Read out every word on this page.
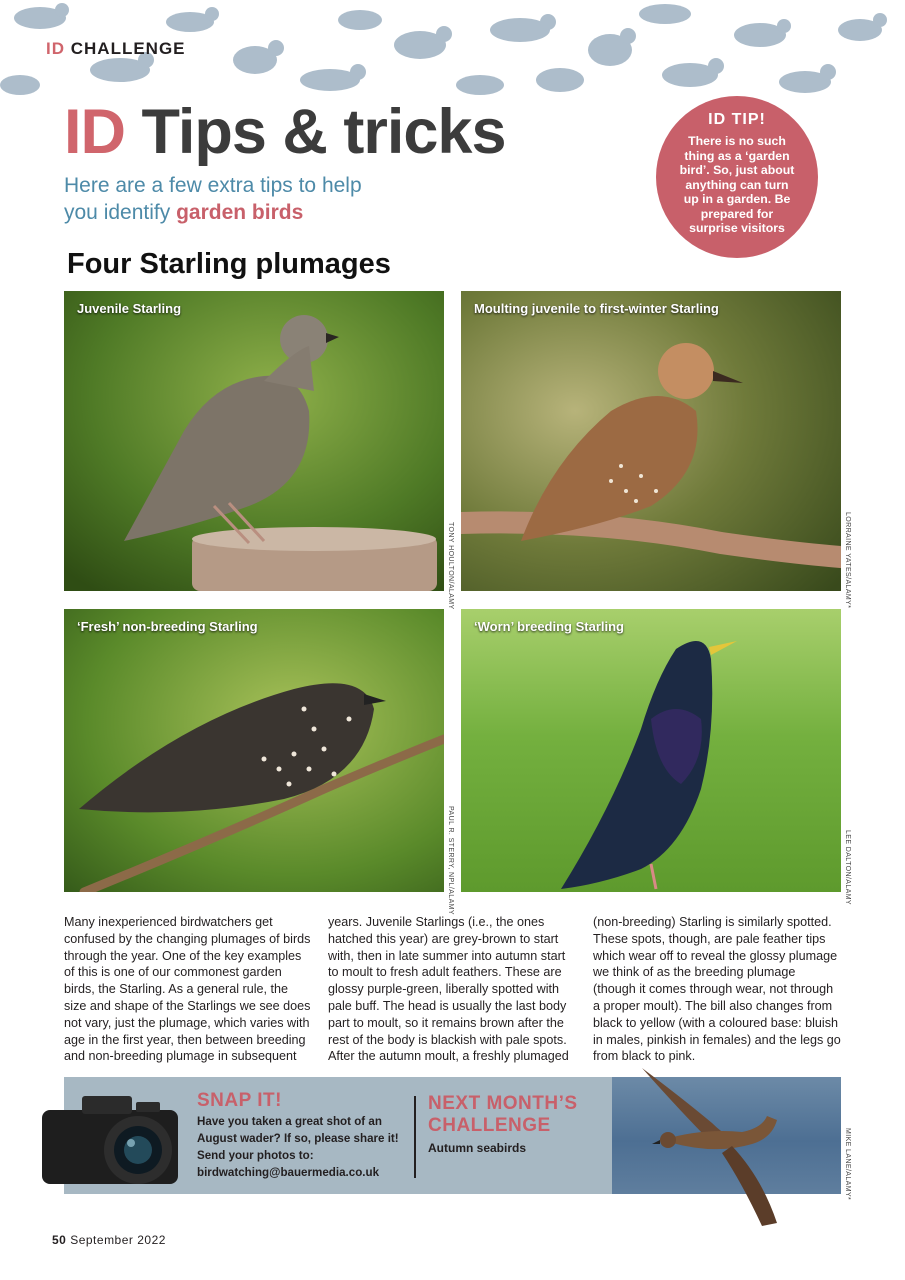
ID CHALLENGE
ID Tips & tricks
Here are a few extra tips to help
you identify garden birds
ID TIP!
There is no such thing as a ‘garden bird’. So, just about anything can turn up in a garden. Be prepared for surprise visitors
Four Starling plumages
Juvenile Starling
TONY HOULTON/ALAMY
Moulting juvenile to first-winter Starling
LORRAINE YATES/ALAMY*
‘Fresh’ non-breeding Starling
PAUL R. STERRY, NPL/ALAMY
‘Worn’ breeding Starling
LEE DALTON/ALAMY
Many inexperienced birdwatchers get confused by the changing plumages of birds through the year. One of the key examples of this is one of our commonest garden birds, the Starling. As a general rule, the size and shape of the Starlings we see does not vary, just the plumage, which varies with age in the first year, then between breeding and non-breeding plumage in subsequent
years. Juvenile Starlings (i.e., the ones hatched this year) are grey-brown to start with, then in late summer into autumn start to moult to fresh adult feathers. These are glossy purple-green, liberally spotted with pale buff. The head is usually the last body part to moult, so it remains brown after the rest of the body is blackish with pale spots. After the autumn moult, a freshly plumaged
(non-breeding) Starling is similarly spotted. These spots, though, are pale feather tips which wear off to reveal the glossy plumage we think of as the breeding plumage (though it comes through wear, not through a proper moult). The bill also changes from black to yellow (with a coloured base: bluish in males, pinkish in females) and the legs go from black to pink.
SNAP IT!
Have you taken a great shot of an August wader? If so, please share it! Send your photos to: birdwatching@bauermedia.co.uk
NEXT MONTH’S CHALLENGE
Autumn seabirds	MIKE LANE/ALAMY*
50 September 2022
